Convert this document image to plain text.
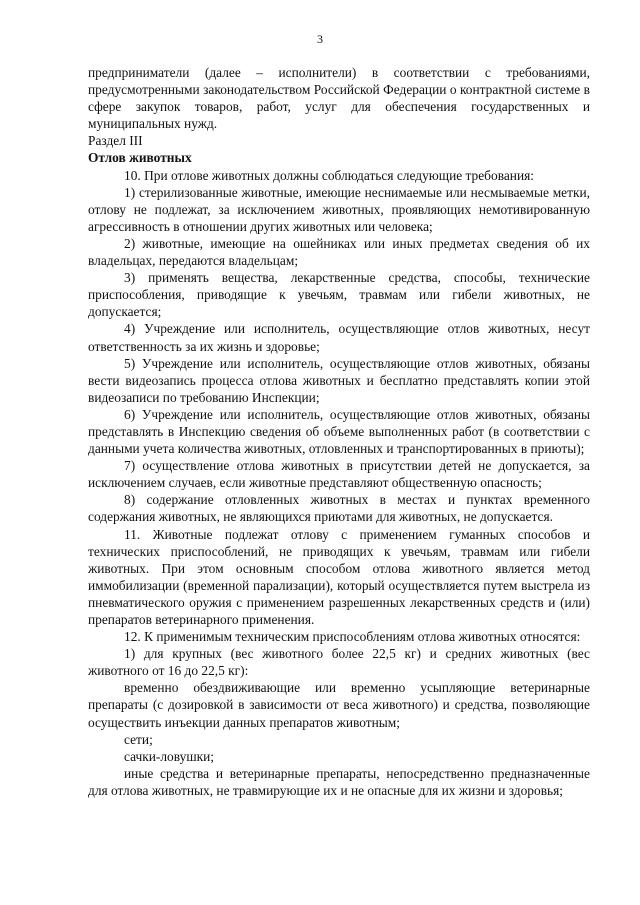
3

предприниматели (далее – исполнители) в соответствии с требованиями, предусмотренными законодательством Российской Федерации о контрактной системе в сфере закупок товаров, работ, услуг для обеспечения государственных и муниципальных нужд.

Раздел III

Отлов животных

10. При отлове животных должны соблюдаться следующие требования:

1) стерилизованные животные, имеющие неснимаемые или несмываемые метки, отлову не подлежат, за исключением животных, проявляющих немотивированную агрессивность в отношении других животных или человека;

2) животные, имеющие на ошейниках или иных предметах сведения об их владельцах, передаются владельцам;

3) применять вещества, лекарственные средства, способы, технические приспособления, приводящие к увечьям, травмам или гибели животных, не допускается;

4) Учреждение или исполнитель, осуществляющие отлов животных, несут ответственность за их жизнь и здоровье;

5) Учреждение или исполнитель, осуществляющие отлов животных, обязаны вести видеозапись процесса отлова животных и бесплатно представлять копии этой видеозаписи по требованию Инспекции;

6) Учреждение или исполнитель, осуществляющие отлов животных, обязаны представлять в Инспекцию сведения об объеме выполненных работ (в соответствии с данными учета количества животных, отловленных и транспортированных в приюты);

7) осуществление отлова животных в присутствии детей не допускается, за исключением случаев, если животные представляют общественную опасность;

8) содержание отловленных животных в местах и пунктах временного содержания животных, не являющихся приютами для животных, не допускается.

11. Животные подлежат отлову с применением гуманных способов и технических приспособлений, не приводящих к увечьям, травмам или гибели животных. При этом основным способом отлова животного является метод иммобилизации (временной парализации), который осуществляется путем выстрела из пневматического оружия с применением разрешенных лекарственных средств и (или) препаратов ветеринарного применения.

12. К применимым техническим приспособлениям отлова животных относятся:

1) для крупных (вес животного более 22,5 кг) и средних животных (вес животного от 16 до 22,5 кг):

временно обездвиживающие или временно усыпляющие ветеринарные препараты (с дозировкой в зависимости от веса животного) и средства, позволяющие осуществить инъекции данных препаратов животным;

сети;

сачки-ловушки;

иные средства и ветеринарные препараты, непосредственно предназначенные для отлова животных, не травмирующие их и не опасные для их жизни и здоровья;
